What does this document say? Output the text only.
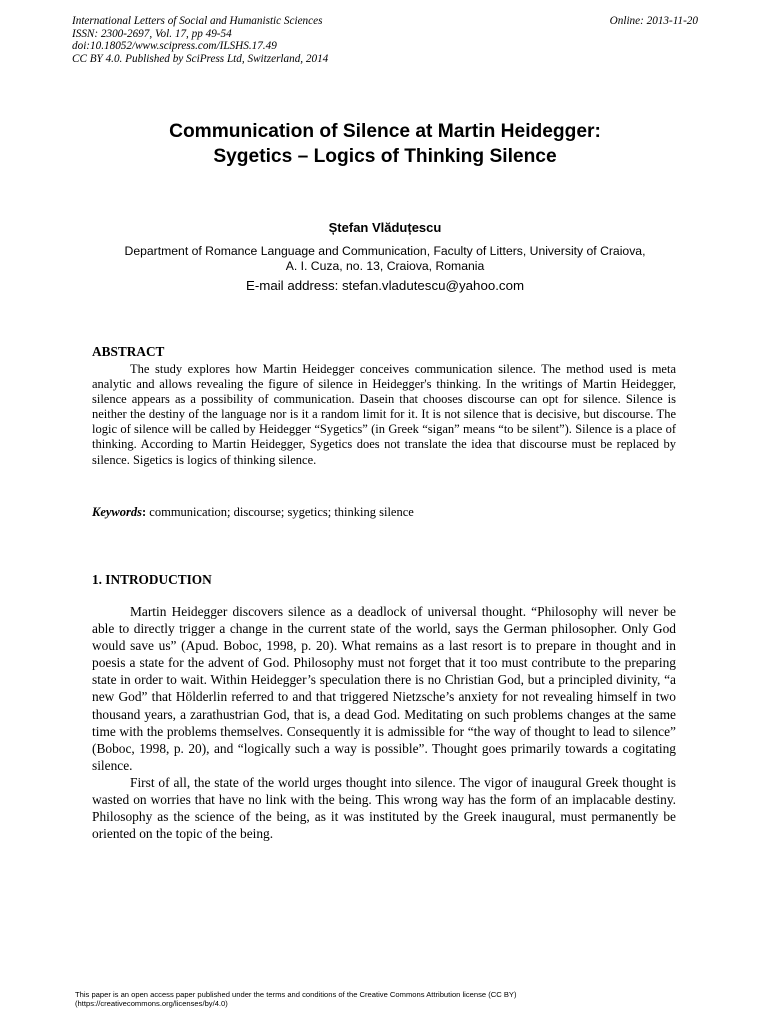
International Letters of Social and Humanistic Sciences
ISSN: 2300-2697, Vol. 17, pp 49-54
doi:10.18052/www.scipress.com/ILSHS.17.49
CC BY 4.0. Published by SciPress Ltd, Switzerland, 2014
Online: 2013-11-20
Communication of Silence at Martin Heidegger:
Sygetics – Logics of Thinking Silence
Ștefan Vlăduțescu
Department of Romance Language and Communication, Faculty of Litters, University of Craiova,
A. I. Cuza, no. 13, Craiova, Romania
E-mail address: stefan.vladutescu@yahoo.com
ABSTRACT

The study explores how Martin Heidegger conceives communication silence. The method used is meta analytic and allows revealing the figure of silence in Heidegger's thinking. In the writings of Martin Heidegger, silence appears as a possibility of communication. Dasein that chooses discourse can opt for silence. Silence is neither the destiny of the language nor is it a random limit for it. It is not silence that is decisive, but discourse. The logic of silence will be called by Heidegger “Sygetics” (in Greek “sigan” means “to be silent”). Silence is a place of thinking. According to Martin Heidegger, Sygetics does not translate the idea that discourse must be replaced by silence. Sigetics is logics of thinking silence.

Keywords: communication; discourse; sygetics; thinking silence
1. INTRODUCTION

Martin Heidegger discovers silence as a deadlock of universal thought. “Philosophy will never be able to directly trigger a change in the current state of the world, says the German philosopher. Only God would save us” (Apud. Boboc, 1998, p. 20). What remains as a last resort is to prepare in thought and in poesis a state for the advent of God. Philosophy must not forget that it too must contribute to the preparing state in order to wait. Within Heidegger’s speculation there is no Christian God, but a principled divinity, “a new God” that Hölderlin referred to and that triggered Nietzsche’s anxiety for not revealing himself in two thousand years, a zarathustrian God, that is, a dead God. Meditating on such problems changes at the same time with the problems themselves. Consequently it is admissible for “the way of thought to lead to silence” (Boboc, 1998, p. 20), and “logically such a way is possible”. Thought goes primarily towards a cogitating silence.

First of all, the state of the world urges thought into silence. The vigor of inaugural Greek thought is wasted on worries that have no link with the being. This wrong way has the form of an implacable destiny. Philosophy as the science of the being, as it was instituted by the Greek inaugural, must permanently be oriented on the topic of the being.

This paper is an open access paper published under the terms and conditions of the Creative Commons Attribution license (CC BY)
(https://creativecommons.org/licenses/by/4.0)
